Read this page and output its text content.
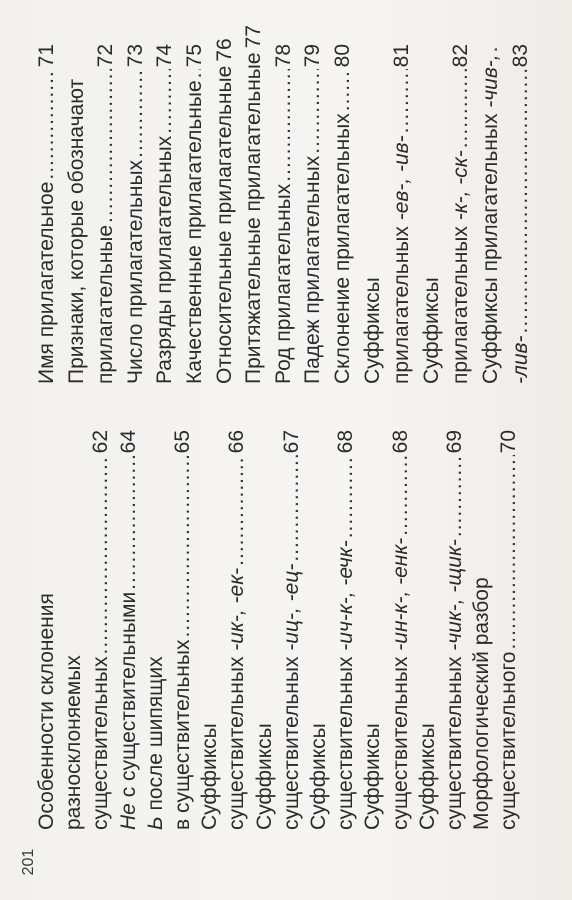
Особенности склонения разносклоняемых существительных
.....
62
Не с существительными
.....
64
Ь после шипящих в существительных
.....
65
Суффиксы существительных -ик-, -ек-
.....
66
Суффиксы существительных -иц-, -ец-
.....
67
Суффиксы существительных -ич-к-, -ечк-
.....
68
Суффиксы существительных -ин-к-, -енк-
.....
68
Суффиксы существительных -чик-, -щик-
.....
69
Морфологический разбор существительного
.....
70
Имя прилагательное
.....
71
Признаки, которые обозначают прилагательные
.....
72
Число прилагательных
.....
73
Разряды прилагательных
.....
74
Качественные прилагательные
.....
75
Относительные прилагательные
76
Притяжательные прилагательные
77
Род прилагательных
.....
78
Падеж прилагательных
.....
79
Склонение прилагательных
.....
80
Суффиксы прилагательных -ев-, -ив-
.....
81
Суффиксы прилагательных -к-, -ск-
.....
82
Суффиксы прилагательных -чив-,
.....
-лив-
.....
83
201
